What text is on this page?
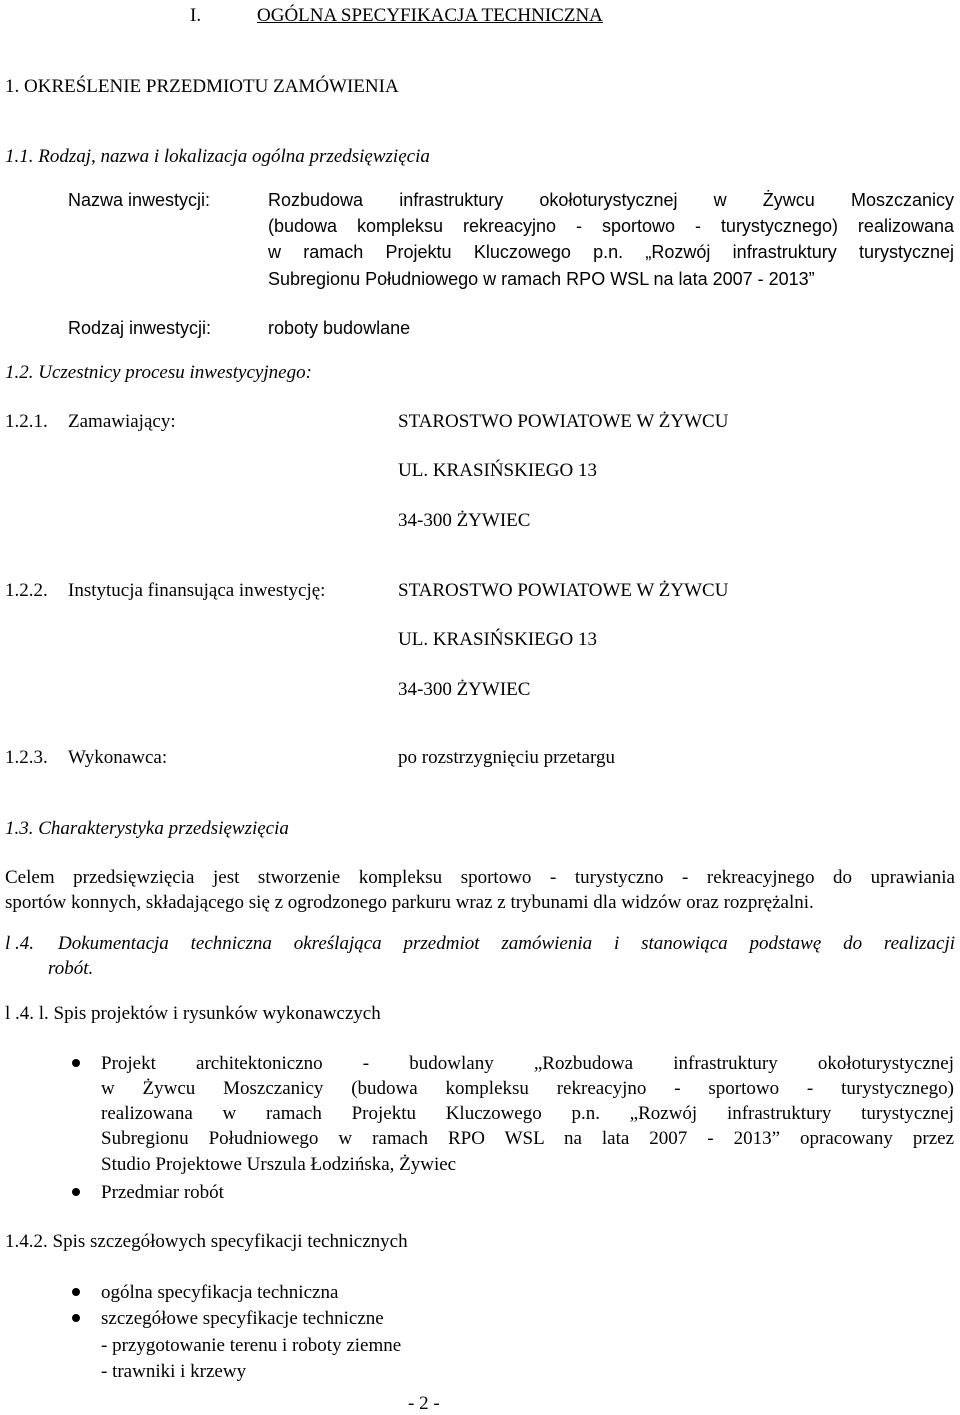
I.	OGÓLNA SPECYFIKACJA TECHNICZNA
1. OKREŚLENIE PRZEDMIOTU ZAMÓWIENIA
1.1. Rodzaj, nazwa i lokalizacja ogólna przedsięwzięcia
Nazwa inwestycji:	Rozbudowa infrastruktury okołoturystycznej w Żywcu Moszczanicy
(budowa kompleksu rekreacyjno - sportowo - turystycznego) realizowana
w ramach Projektu Kluczowego p.n. „Rozwój infrastruktury turystycznej
Subregionu Południowego w ramach RPO WSL na lata 2007 - 2013”
Rodzaj inwestycji:	roboty budowlane
1.2. Uczestnicy procesu inwestycyjnego:
1.2.1. Zamawiający:	STAROSTWO POWIATOWE W ŻYWCU
UL. KRASIŃSKIEGO 13
34-300 ŻYWIEC
1.2.2. Instytucja finansująca inwestycję:	STAROSTWO POWIATOWE W ŻYWCU
UL. KRASIŃSKIEGO 13
34-300 ŻYWIEC
1.2.3. Wykonawca:	po rozstrzygnięciu przetargu
1.3. Charakterystyka przedsięwzięcia
Celem przedsięwzięcia jest stworzenie kompleksu sportowo - turystyczno - rekreacyjnego do uprawiania
sportów konnych, składającego się z ogrodzonego parkuru wraz z trybunami dla widzów oraz rozprężalni.
l .4. Dokumentacja techniczna określająca przedmiot zamówienia i stanowiąca podstawę do realizacji
robót.
l .4. l. Spis projektów i rysunków wykonawczych
Projekt architektoniczno - budowlany „Rozbudowa infrastruktury okołoturystycznej
w Żywcu Moszczanicy (budowa kompleksu rekreacyjno - sportowo - turystycznego)
realizowana w ramach Projektu Kluczowego p.n. „Rozwój infrastruktury turystycznej
Subregionu Południowego w ramach RPO WSL na lata 2007 - 2013” opracowany przez
Studio Projektowe Urszula Łodzińska, Żywiec
Przedmiar robót
1.4.2. Spis szczegółowych specyfikacji technicznych
ogólna specyfikacja techniczna
szczegółowe specyfikacje techniczne
- przygotowanie terenu i roboty ziemne
- trawniki i krzewy
- 2 -
